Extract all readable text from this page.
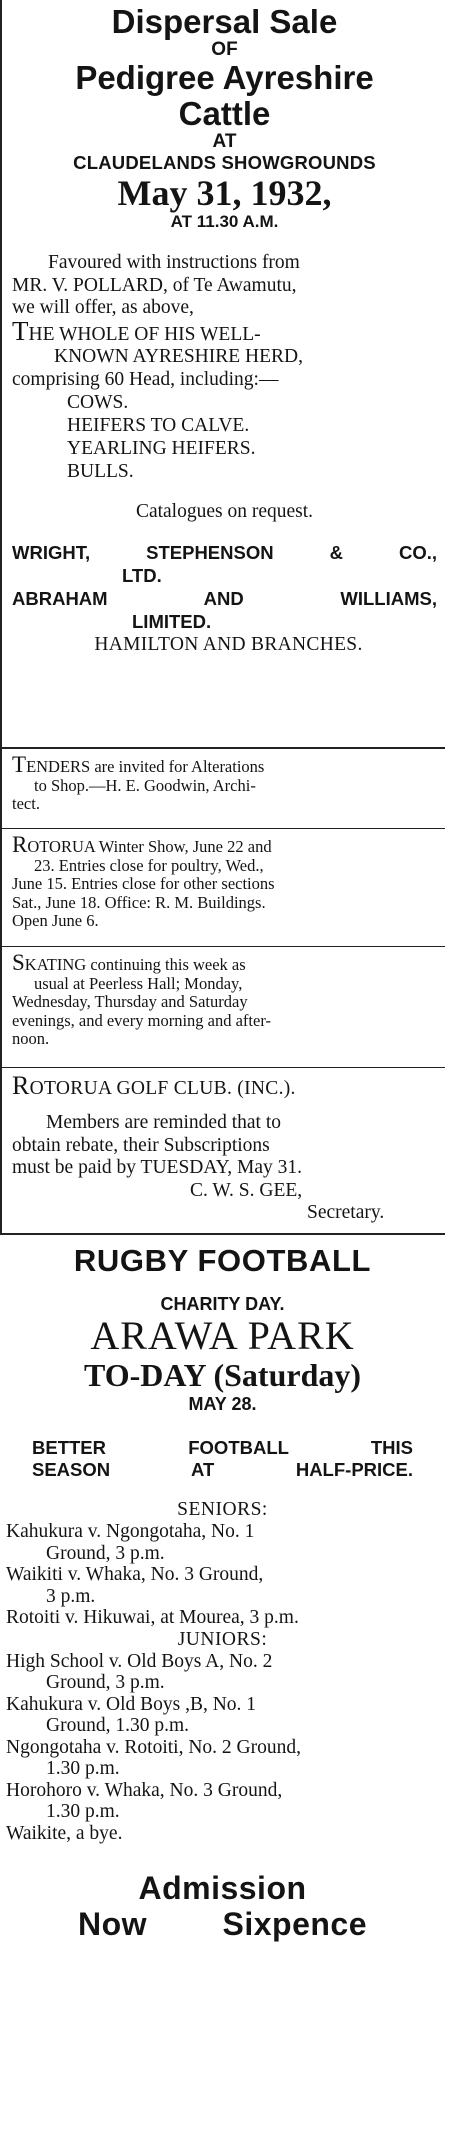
Dispersal Sale
OF
Pedigree Ayreshire
Cattle
AT
CLAUDELANDS SHOWGROUNDS
May 31, 1932,
AT 11.30 A.M.
Favoured with instructions from
MR. V. POLLARD, of Te Awamutu,
we will offer, as above,
THE WHOLE OF HIS WELL-
KNOWN AYRESHIRE HERD,
comprising 60 Head, including:—
COWS.
HEIFERS TO CALVE.
YEARLING HEIFERS.
BULLS.
Catalogues on request.
WRIGHT,	STEPHENSON	&	CO.,
LTD.
ABRAHAM	AND	WILLIAMS,
LIMITED.
HAMILTON AND BRANCHES.
TENDERS are invited for Alterations
to Shop.—H. E. Goodwin, Archi-
tect.
ROTORUA Winter Show, June 22 and
23. Entries close for poultry, Wed.,
June 15. Entries close for other sections
Sat., June 18. Office: R. M. Buildings.
Open June 6.
SKATING continuing this week as
usual at Peerless Hall; Monday,
Wednesday, Thursday and Saturday
evenings, and every morning and after-
noon.
ROTORUA GOLF CLUB. (INC.).
Members are reminded that to
obtain rebate, their Subscriptions
must be paid by TUESDAY, May 31.
C. W. S. GEE,
Secretary.
RUGBY FOOTBALL
CHARITY DAY.
ARAWA PARK
TO-DAY (Saturday)
MAY 28.
BETTER FOOTBALL THIS
SEASON AT HALF-PRICE.
SENIORS:
Kahukura v. Ngongotaha, No. 1
Ground, 3 p.m.
Waikiti v. Whaka, No. 3 Ground,
3 p.m.
Rotoiti v. Hikuwai, at Mourea, 3 p.m.
JUNIORS:
High School v. Old Boys A, No. 2
Ground, 3 p.m.
Kahukura v. Old Boys ,B, No. 1
Ground, 1.30 p.m.
Ngongotaha v. Rotoiti, No. 2 Ground,
1.30 p.m.
Horohoro v. Whaka, No. 3 Ground,
1.30 p.m.
Waikite, a bye.
Admission
Now Sixpence
